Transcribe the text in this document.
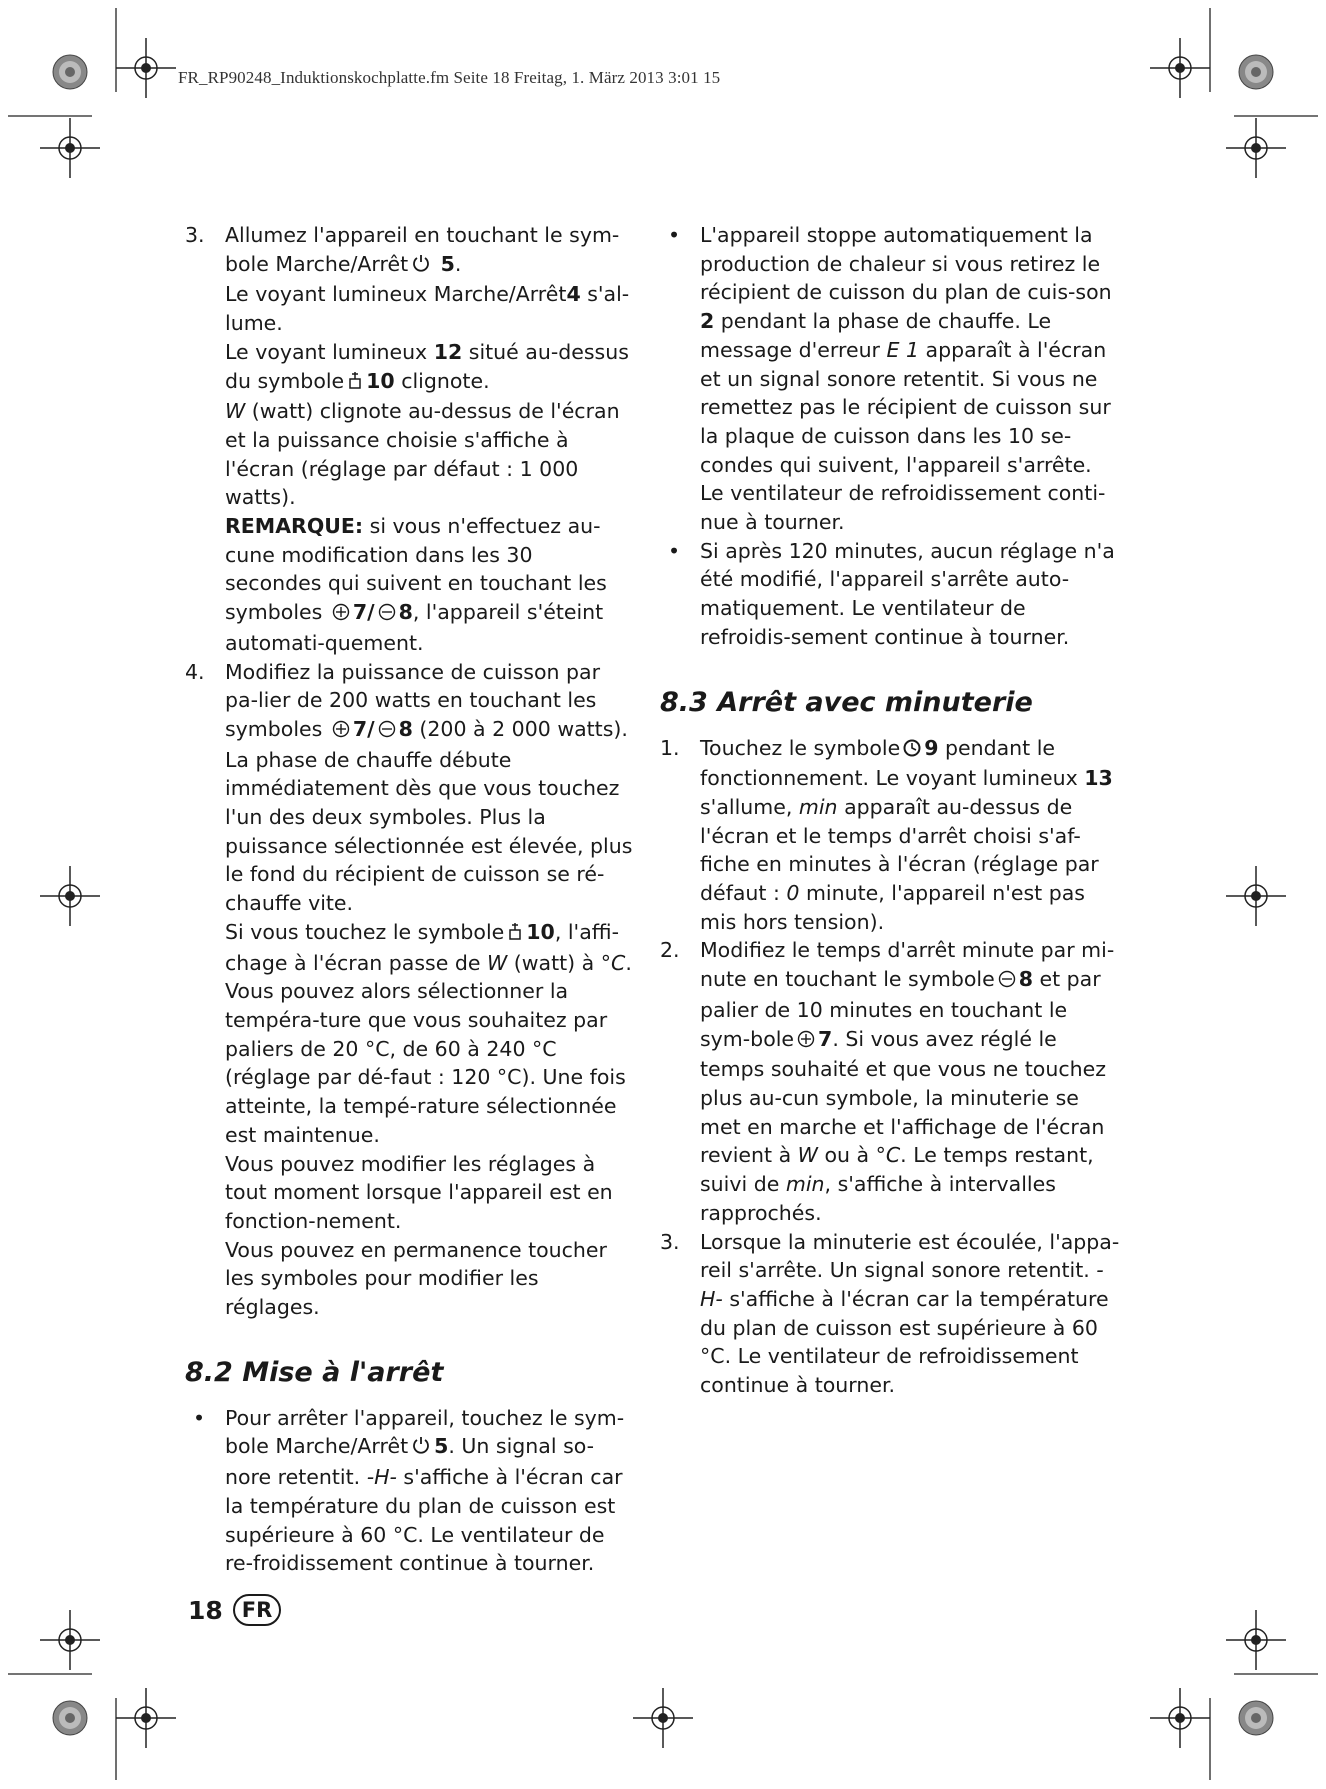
FR_RP90248_Induktionskochplatte.fm Seite 18 Freitag, 1. März 2013 3:01 15
3. Allumez l'appareil en touchant le sym-bole Marche/Arrêt 5.

Le voyant lumineux Marche/Arrêt4 s'al-lume.

Le voyant lumineux 12 situé au-dessus du symbole 10 clignote.

W (watt) clignote au-dessus de l'écran et la puissance choisie s'affiche à l'écran (réglage par défaut : 1 000 watts).

REMARQUE: si vous n'effectuez au-cune modification dans les 30 secondes qui suivent en touchant les symboles 7/ 8, l'appareil s'éteint automati-quement.

4. Modifiez la puissance de cuisson par pa-lier de 200 watts en touchant les symboles 7/ 8 (200 à 2 000 watts). La phase de chauffe débute immédiatement dès que vous touchez l'un des deux symboles. Plus la puissance sélectionnée est élevée, plus le fond du récipient de cuisson se ré-chauffe vite.

Si vous touchez le symbole 10, l'affi-chage à l'écran passe de W (watt) à °C. Vous pouvez alors sélectionner la tempéra-ture que vous souhaitez par paliers de 20 °C, de 60 à 240 °C (réglage par dé-faut : 120 °C). Une fois atteinte, la tempé-rature sélectionnée est maintenue.

Vous pouvez modifier les réglages à tout moment lorsque l'appareil est en fonction-nement.

Vous pouvez en permanence toucher les symboles pour modifier les réglages.

8.2 Mise à l'arrêt
• Pour arrêter l'appareil, touchez le sym-bole Marche/Arrêt 5. Un signal so-nore retentit. -H- s'affiche à l'écran car la température du plan de cuisson est supérieure à 60 °C. Le ventilateur de re-froidissement continue à tourner.
• L'appareil stoppe automatiquement la production de chaleur si vous retirez le récipient de cuisson du plan de cuis-son 2 pendant la phase de chauffe. Le message d'erreur E 1 apparaît à l'écran et un signal sonore retentit. Si vous ne remettez pas le récipient de cuisson sur la plaque de cuisson dans les 10 se-condes qui suivent, l'appareil s'arrête. Le ventilateur de refroidissement conti-nue à tourner.
• Si après 120 minutes, aucun réglage n'a été modifié, l'appareil s'arrête auto-matiquement. Le ventilateur de refroidis-sement continue à tourner.
8.3 Arrêt avec minuterie
1. Touchez le symbole 9 pendant le fonctionnement. Le voyant lumineux 13 s'allume, min apparaît au-dessus de l'écran et le temps d'arrêt choisi s'af-fiche en minutes à l'écran (réglage par défaut : 0 minute, l'appareil n'est pas mis hors tension).

2. Modifiez le temps d'arrêt minute par mi-nute en touchant le symbole 8 et par palier de 10 minutes en touchant le sym-bole 7. Si vous avez réglé le temps souhaité et que vous ne touchez plus au-cun symbole, la minuterie se met en marche et l'affichage de l'écran revient à W ou à °C. Le temps restant, suivi de min, s'affiche à intervalles rapprochés.

3. Lorsque la minuterie est écoulée, l'appa-reil s'arrête. Un signal sonore retentit. -H- s'affiche à l'écran car la température du plan de cuisson est supérieure à 60 °C. Le ventilateur de refroidissement continue à tourner.

18 FR
